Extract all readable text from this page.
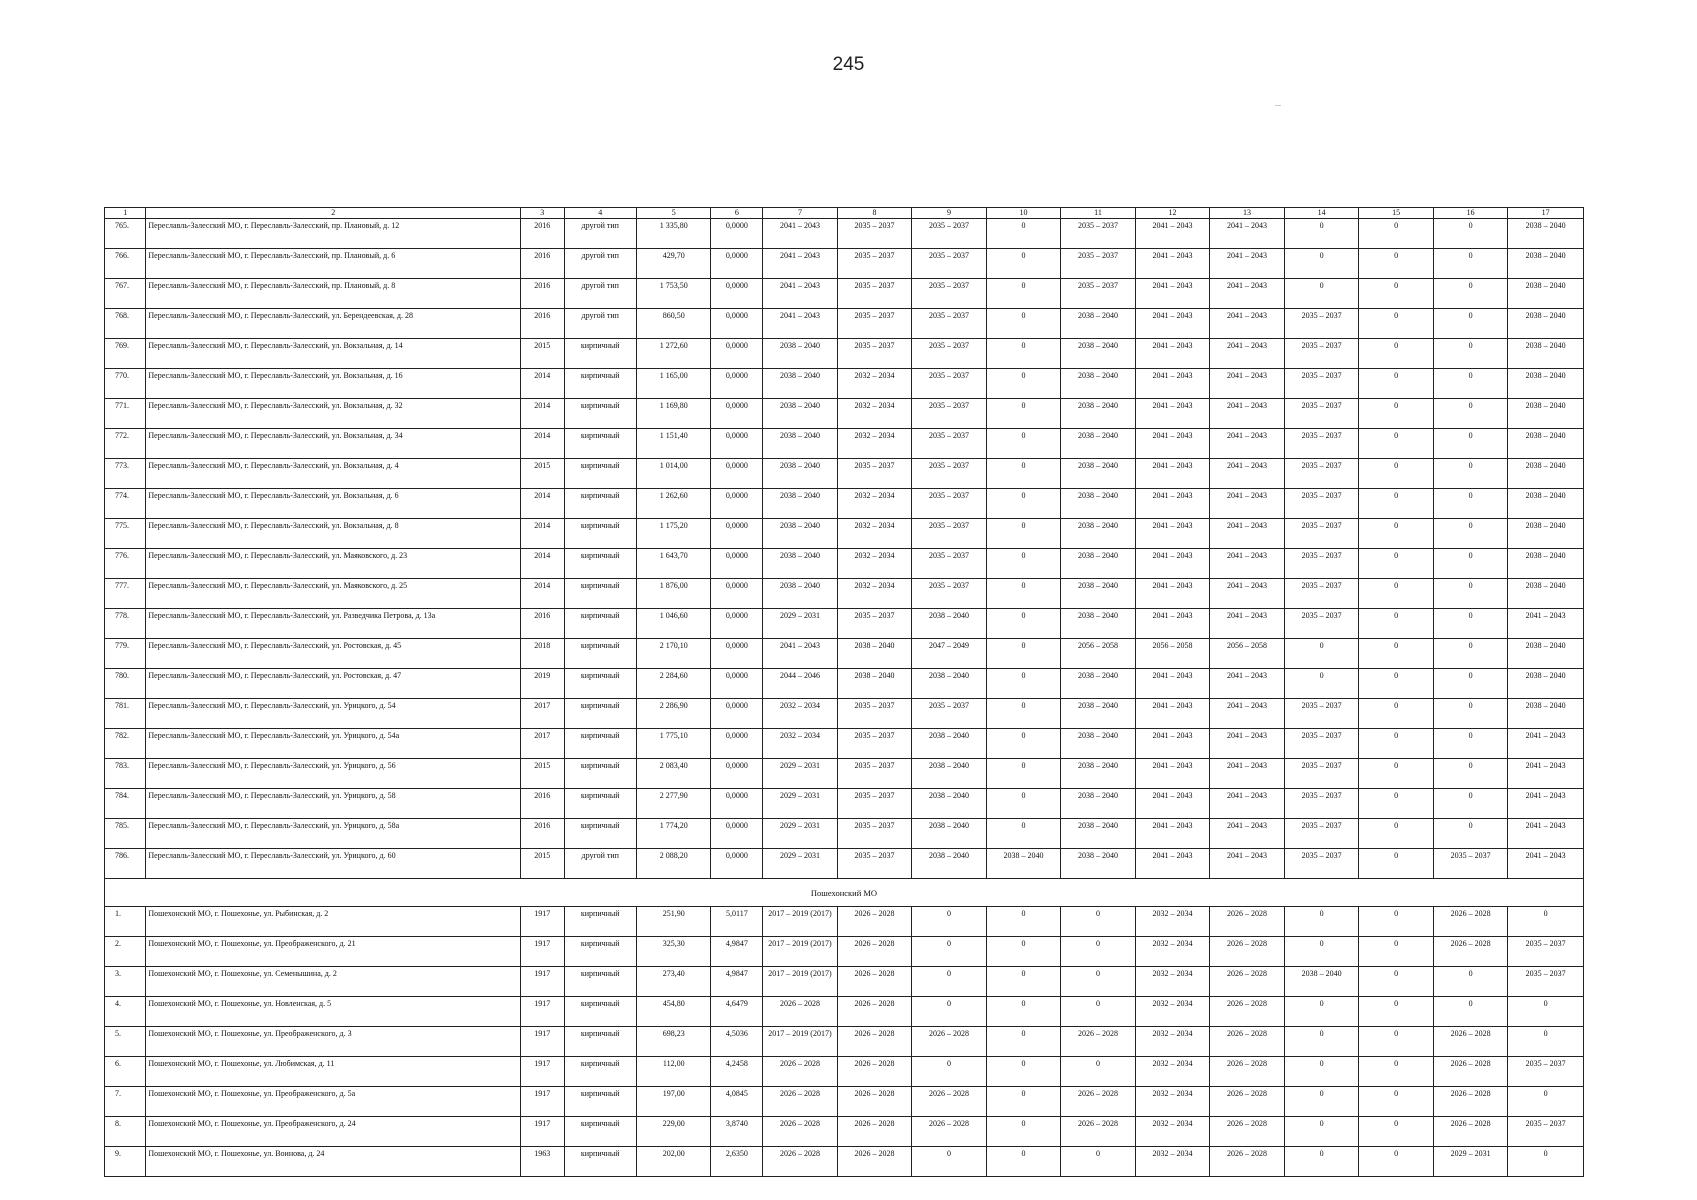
245
1	2	3	4	5	6	7	8	9	10	11	12	13	14	15	16	17
765.	Переславль-Залесский МО, г. Переславль-Залесский, пр. Плановый, д. 12	2016	другой тип	1 335,80	0,0000	2041 – 2043	2035 – 2037	2035 – 2037	0	2035 – 2037	2041 – 2043	2041 – 2043	0	0	0	2038 – 2040
766.	Переславль-Залесский МО, г. Переславль-Залесский, пр. Плановый, д. 6	2016	другой тип	429,70	0,0000	2041 – 2043	2035 – 2037	2035 – 2037	0	2035 – 2037	2041 – 2043	2041 – 2043	0	0	0	2038 – 2040
767.	Переславль-Залесский МО, г. Переславль-Залесский, пр. Плановый, д. 8	2016	другой тип	1 753,50	0,0000	2041 – 2043	2035 – 2037	2035 – 2037	0	2035 – 2037	2041 – 2043	2041 – 2043	0	0	0	2038 – 2040
768.	Переславль-Залесский МО, г. Переславль-Залесский, ул. Берендеевская, д. 28	2016	другой тип	860,50	0,0000	2041 – 2043	2035 – 2037	2035 – 2037	0	2038 – 2040	2041 – 2043	2041 – 2043	2035 – 2037	0	0	2038 – 2040
769.	Переславль-Залесский МО, г. Переславль-Залесский, ул. Вокзальная, д. 14	2015	кирпичный	1 272,60	0,0000	2038 – 2040	2035 – 2037	2035 – 2037	0	2038 – 2040	2041 – 2043	2041 – 2043	2035 – 2037	0	0	2038 – 2040
770.	Переславль-Залесский МО, г. Переславль-Залесский, ул. Вокзальная, д. 16	2014	кирпичный	1 165,00	0,0000	2038 – 2040	2032 – 2034	2035 – 2037	0	2038 – 2040	2041 – 2043	2041 – 2043	2035 – 2037	0	0	2038 – 2040
771.	Переславль-Залесский МО, г. Переславль-Залесский, ул. Вокзальная, д. 32	2014	кирпичный	1 169,80	0,0000	2038 – 2040	2032 – 2034	2035 – 2037	0	2038 – 2040	2041 – 2043	2041 – 2043	2035 – 2037	0	0	2038 – 2040
772.	Переславль-Залесский МО, г. Переславль-Залесский, ул. Вокзальная, д. 34	2014	кирпичный	1 151,40	0,0000	2038 – 2040	2032 – 2034	2035 – 2037	0	2038 – 2040	2041 – 2043	2041 – 2043	2035 – 2037	0	0	2038 – 2040
773.	Переславль-Залесский МО, г. Переславль-Залесский, ул. Вокзальная, д. 4	2015	кирпичный	1 014,00	0,0000	2038 – 2040	2035 – 2037	2035 – 2037	0	2038 – 2040	2041 – 2043	2041 – 2043	2035 – 2037	0	0	2038 – 2040
774.	Переславль-Залесский МО, г. Переславль-Залесский, ул. Вокзальная, д. 6	2014	кирпичный	1 262,60	0,0000	2038 – 2040	2032 – 2034	2035 – 2037	0	2038 – 2040	2041 – 2043	2041 – 2043	2035 – 2037	0	0	2038 – 2040
775.	Переславль-Залесский МО, г. Переславль-Залесский, ул. Вокзальная, д. 8	2014	кирпичный	1 175,20	0,0000	2038 – 2040	2032 – 2034	2035 – 2037	0	2038 – 2040	2041 – 2043	2041 – 2043	2035 – 2037	0	0	2038 – 2040
776.	Переславль-Залесский МО, г. Переславль-Залесский, ул. Маяковского, д. 23	2014	кирпичный	1 643,70	0,0000	2038 – 2040	2032 – 2034	2035 – 2037	0	2038 – 2040	2041 – 2043	2041 – 2043	2035 – 2037	0	0	2038 – 2040
777.	Переславль-Залесский МО, г. Переславль-Залесский, ул. Маяковского, д. 25	2014	кирпичный	1 876,00	0,0000	2038 – 2040	2032 – 2034	2035 – 2037	0	2038 – 2040	2041 – 2043	2041 – 2043	2035 – 2037	0	0	2038 – 2040
778.	Переславль-Залесский МО, г. Переславль-Залесский, ул. Разведчика Петрова, д. 13а	2016	кирпичный	1 046,60	0,0000	2029 – 2031	2035 – 2037	2038 – 2040	0	2038 – 2040	2041 – 2043	2041 – 2043	2035 – 2037	0	0	2041 – 2043
779.	Переславль-Залесский МО, г. Переславль-Залесский, ул. Ростовская, д. 45	2018	кирпичный	2 170,10	0,0000	2041 – 2043	2038 – 2040	2047 – 2049	0	2056 – 2058	2056 – 2058	2056 – 2058	0	0	0	2038 – 2040
780.	Переславль-Залесский МО, г. Переславль-Залесский, ул. Ростовская, д. 47	2019	кирпичный	2 284,60	0,0000	2044 – 2046	2038 – 2040	2038 – 2040	0	2038 – 2040	2041 – 2043	2041 – 2043	0	0	0	2038 – 2040
781.	Переславль-Залесский МО, г. Переславль-Залесский, ул. Урицкого, д. 54	2017	кирпичный	2 286,90	0,0000	2032 – 2034	2035 – 2037	2035 – 2037	0	2038 – 2040	2041 – 2043	2041 – 2043	2035 – 2037	0	0	2038 – 2040
782.	Переславль-Залесский МО, г. Переславль-Залесский, ул. Урицкого, д. 54а	2017	кирпичный	1 775,10	0,0000	2032 – 2034	2035 – 2037	2038 – 2040	0	2038 – 2040	2041 – 2043	2041 – 2043	2035 – 2037	0	0	2041 – 2043
783.	Переславль-Залесский МО, г. Переславль-Залесский, ул. Урицкого, д. 56	2015	кирпичный	2 083,40	0,0000	2029 – 2031	2035 – 2037	2038 – 2040	0	2038 – 2040	2041 – 2043	2041 – 2043	2035 – 2037	0	0	2041 – 2043
784.	Переславль-Залесский МО, г. Переславль-Залесский, ул. Урицкого, д. 58	2016	кирпичный	2 277,90	0,0000	2029 – 2031	2035 – 2037	2038 – 2040	0	2038 – 2040	2041 – 2043	2041 – 2043	2035 – 2037	0	0	2041 – 2043
785.	Переславль-Залесский МО, г. Переславль-Залесский, ул. Урицкого, д. 58а	2016	кирпичный	1 774,20	0,0000	2029 – 2031	2035 – 2037	2038 – 2040	0	2038 – 2040	2041 – 2043	2041 – 2043	2035 – 2037	0	0	2041 – 2043
786.	Переславль-Залесский МО, г. Переславль-Залесский, ул. Урицкого, д. 60	2015	другой тип	2 088,20	0,0000	2029 – 2031	2035 – 2037	2038 – 2040	2038 – 2040	2038 – 2040	2041 – 2043	2041 – 2043	2035 – 2037	0	2035 – 2037	2041 – 2043
Пошехонский МО																
1.	Пошехонский МО, г. Пошехонье, ул. Рыбинская, д. 2	1917	кирпичный	251,90	5,0117	2017 – 2019 (2017)	2026 – 2028	0	0	0	2032 – 2034	2026 – 2028	0	0	2026 – 2028	0
2.	Пошехонский МО, г. Пошехонье, ул. Преображенского, д. 21	1917	кирпичный	325,30	4,9847	2017 – 2019 (2017)	2026 – 2028	0	0	0	2032 – 2034	2026 – 2028	0	0	2026 – 2028	2035 – 2037
3.	Пошехонский МО, г. Пошехонье, ул. Семенышина, д. 2	1917	кирпичный	273,40	4,9847	2017 – 2019 (2017)	2026 – 2028	0	0	0	2032 – 2034	2026 – 2028	2038 – 2040	0	0	2035 – 2037
4.	Пошехонский МО, г. Пошехонье, ул. Новленская, д. 5	1917	кирпичный	454,80	4,6479	2026 – 2028	2026 – 2028	0	0	0	2032 – 2034	2026 – 2028	0	0	0	0
5.	Пошехонский МО, г. Пошехонье, ул. Преображенского, д. 3	1917	кирпичный	698,23	4,5036	2017 – 2019 (2017)	2026 – 2028	2026 – 2028	0	2026 – 2028	2032 – 2034	2026 – 2028	0	0	2026 – 2028	0
6.	Пошехонский МО, г. Пошехонье, ул. Любимская, д. 11	1917	кирпичный	112,00	4,2458	2026 – 2028	2026 – 2028	0	0	0	2032 – 2034	2026 – 2028	0	0	2026 – 2028	2035 – 2037
7.	Пошехонский МО, г. Пошехонье, ул. Преображенского, д. 5а	1917	кирпичный	197,00	4,0845	2026 – 2028	2026 – 2028	2026 – 2028	0	2026 – 2028	2032 – 2034	2026 – 2028	0	0	2026 – 2028	0
8.	Пошехонский МО, г. Пошехонье, ул. Преображенского, д. 24	1917	кирпичный	229,00	3,8740	2026 – 2028	2026 – 2028	2026 – 2028	0	2026 – 2028	2032 – 2034	2026 – 2028	0	0	2026 – 2028	2035 – 2037
9.	Пошехонский МО, г. Пошехонье, ул. Воинова, д. 24	1963	кирпичный	202,00	2,6350	2026 – 2028	2026 – 2028	0	0	0	2032 – 2034	2026 – 2028	0	0	2029 – 2031	0
